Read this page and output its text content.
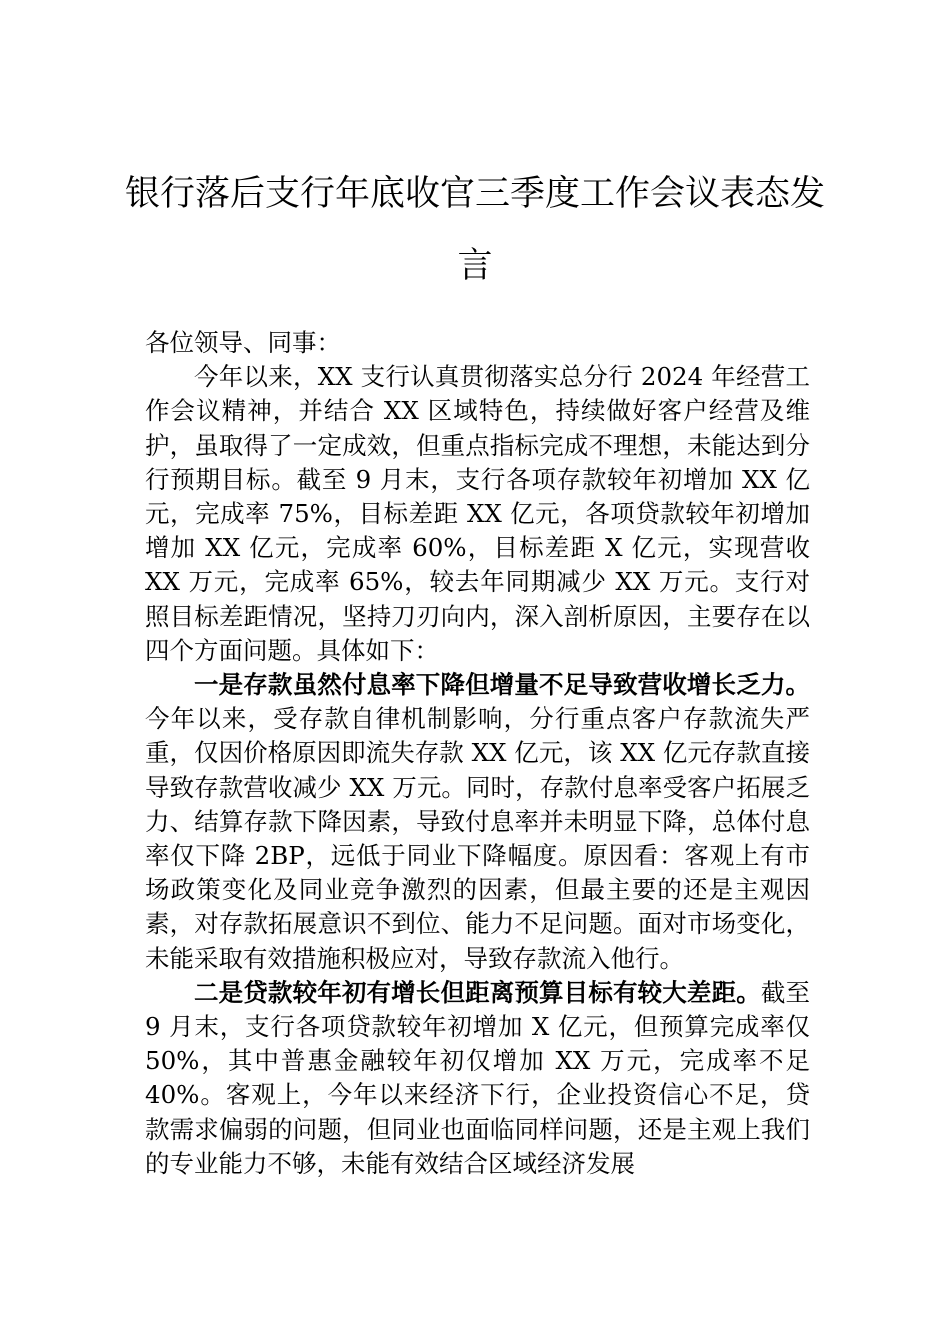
银行落后支行年底收官三季度工作会议表态发言

各位领导、同事：

今年以来，XX 支行认真贯彻落实总分行 2024 年经营工作会议精神，并结合 XX 区域特色，持续做好客户经营及维护，虽取得了一定成效，但重点指标完成不理想，未能达到分行预期目标。截至 9 月末，支行各项存款较年初增加 XX 亿元，完成率 75%，目标差距 XX 亿元，各项贷款较年初增加增加 XX 亿元，完成率 60%，目标差距 X 亿元，实现营收 XX 万元，完成率 65%，较去年同期减少 XX 万元。支行对照目标差距情况，坚持刀刃向内，深入剖析原因，主要存在以四个方面问题。具体如下：

一是存款虽然付息率下降但增量不足导致营收增长乏力。今年以来，受存款自律机制影响，分行重点客户存款流失严重，仅因价格原因即流失存款 XX 亿元，该 XX 亿元存款直接导致存款营收减少 XX 万元。同时，存款付息率受客户拓展乏力、结算存款下降因素，导致付息率并未明显下降，总体付息率仅下降 2BP，远低于同业下降幅度。原因看：客观上有市场政策变化及同业竞争激烈的因素，但最主要的还是主观因素，对存款拓展意识不到位、能力不足问题。面对市场变化，未能采取有效措施积极应对，导致存款流入他行。

二是贷款较年初有增长但距离预算目标有较大差距。截至 9 月末，支行各项贷款较年初增加 X 亿元，但预算完成率仅 50%，其中普惠金融较年初仅增加 XX 万元，完成率不足 40%。客观上，今年以来经济下行，企业投资信心不足，贷款需求偏弱的问题，但同业也面临同样问题，还是主观上我们的专业能力不够，未能有效结合区域经济发展
